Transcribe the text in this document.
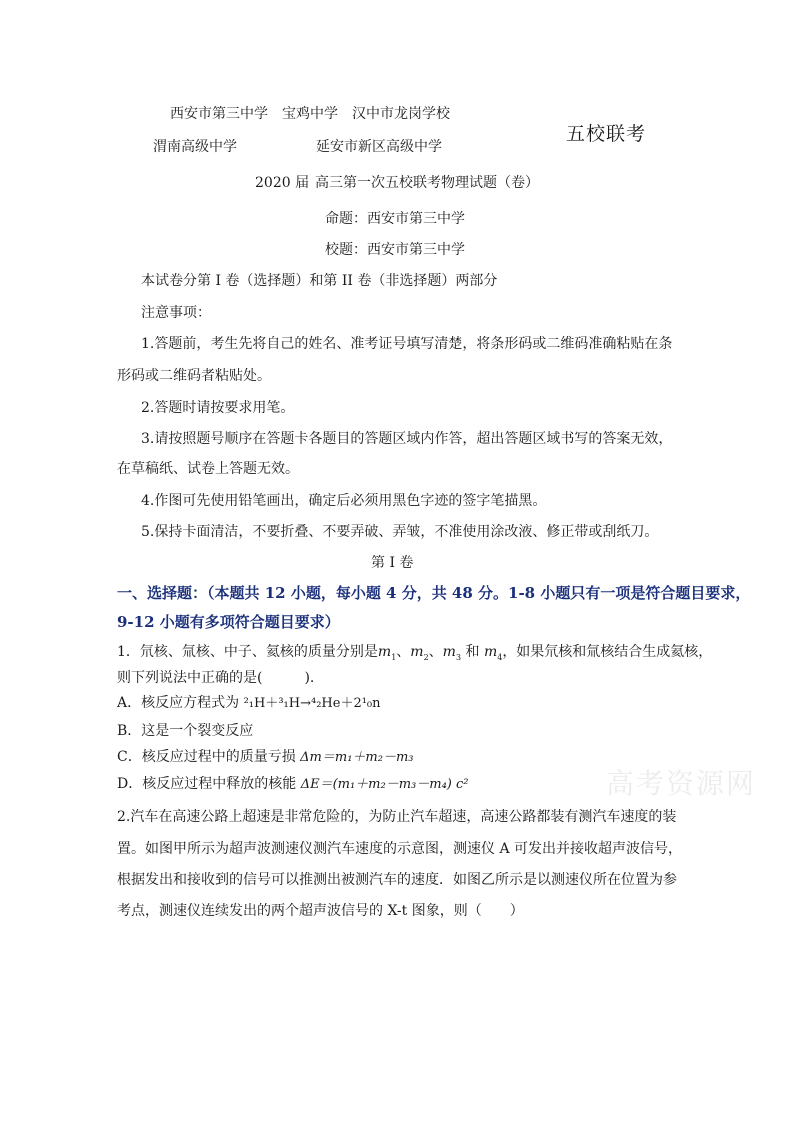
西安市第三中学　宝鸡中学　汉中市龙岗学校
渭南高级中学	延安市新区高级中学
五校联考
2020 届 高三第一次五校联考物理试题（卷）
命题：西安市第三中学
校题：西安市第三中学
本试卷分第 I 卷（选择题）和第 II 卷（非选择题）两部分
注意事项：
1.答题前，考生先将自己的姓名、准考证号填写清楚，将条形码或二维码准确粘贴在条
形码或二维码者粘贴处。
2.答题时请按要求用笔。
3.请按照题号顺序在答题卡各题目的答题区域内作答，超出答题区域书写的答案无效，
在草稿纸、试卷上答题无效。
4.作图可先使用铅笔画出，确定后必须用黑色字迹的签字笔描黑。
5.保持卡面清洁，不要折叠、不要弄破、弄皱，不准使用涂改液、修正带或刮纸刀。
第 I 卷
一、选择题：（本题共 12 小题，每小题 4 分，共 48 分。1-8 小题只有一项是符合题目要求，
9-12 小题有多项符合题目要求）
1．氘核、氚核、中子、氦核的质量分别是$m_1$、$m_2$、$m_3$ 和 $m_4$，如果氘核和氚核结合生成氦核，
则下列说法中正确的是(　　　).
A．核反应方程式为 ²₁H＋³₁H→⁴₂He＋2¹₀n
B．这是一个裂变反应
C．核反应过程中的质量亏损 Δm＝m₁＋m₂－m₃
D．核反应过程中释放的核能 ΔE＝(m₁＋m₂－m₃－m₄) c²	高考资源网
2.汽车在高速公路上超速是非常危险的，为防止汽车超速，高速公路都装有测汽车速度的装
置。如图甲所示为超声波测速仪测汽车速度的示意图，测速仪 A 可发出并接收超声波信号，
根据发出和接收到的信号可以推测出被测汽车的速度．如图乙所示是以测速仪所在位置为参
考点，测速仪连续发出的两个超声波信号的 X-t 图象，则（　　）
